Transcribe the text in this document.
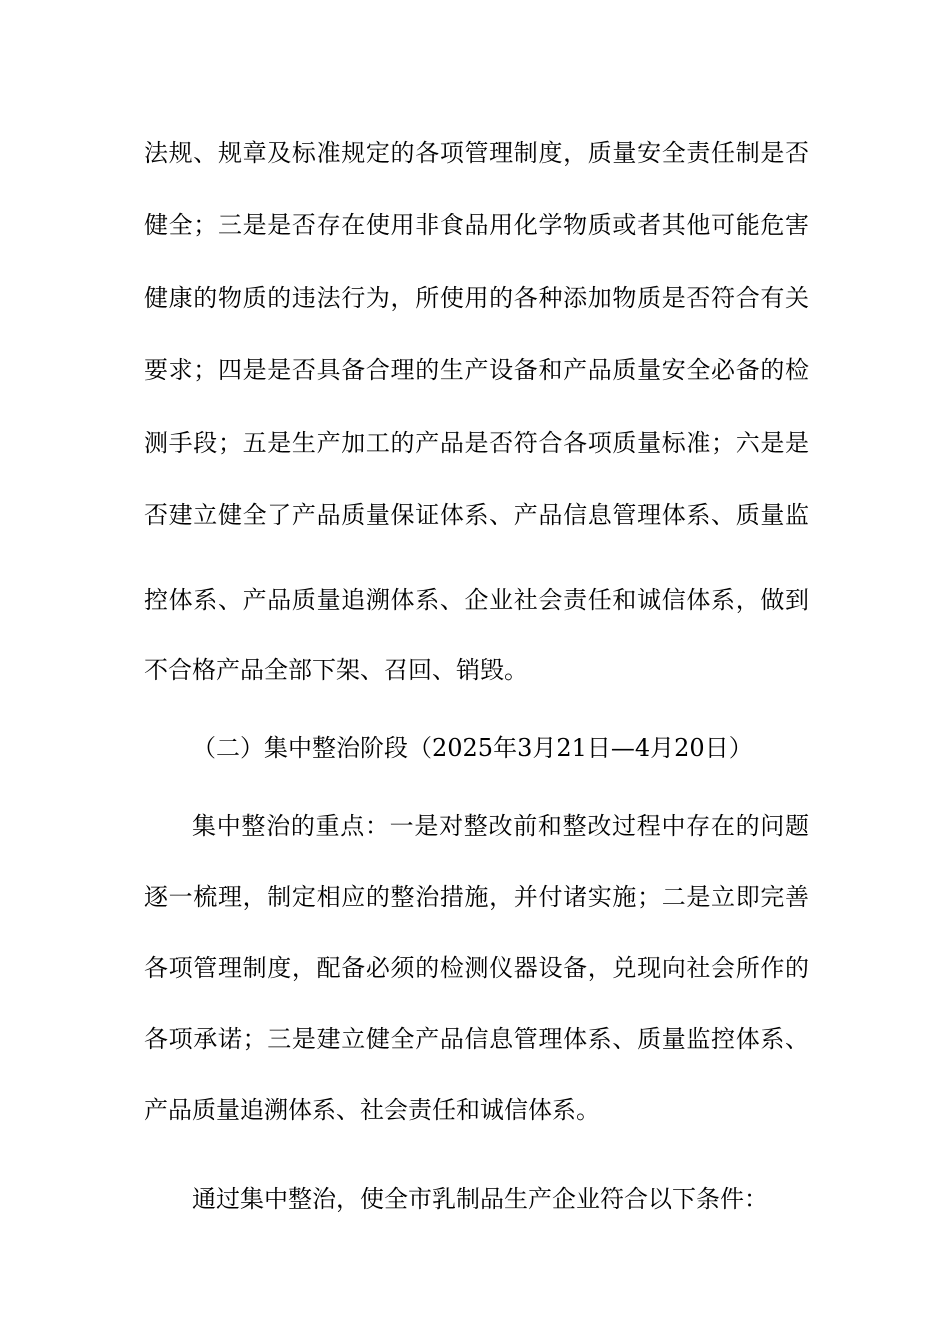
法规、规章及标准规定的各项管理制度，质量安全责任制是否
健全；三是是否存在使用非食品用化学物质或者其他可能危害
健康的物质的违法行为，所使用的各种添加物质是否符合有关
要求；四是是否具备合理的生产设备和产品质量安全必备的检
测手段；五是生产加工的产品是否符合各项质量标准；六是是
否建立健全了产品质量保证体系、产品信息管理体系、质量监
控体系、产品质量追溯体系、企业社会责任和诚信体系，做到
不合格产品全部下架、召回、销毁。
（二）集中整治阶段（2025年3月21日—4月20日）
集中整治的重点：一是对整改前和整改过程中存在的问题
逐一梳理，制定相应的整治措施，并付诸实施；二是立即完善
各项管理制度，配备必须的检测仪器设备，兑现向社会所作的
各项承诺；三是建立健全产品信息管理体系、质量监控体系、
产品质量追溯体系、社会责任和诚信体系。
通过集中整治，使全市乳制品生产企业符合以下条件：
